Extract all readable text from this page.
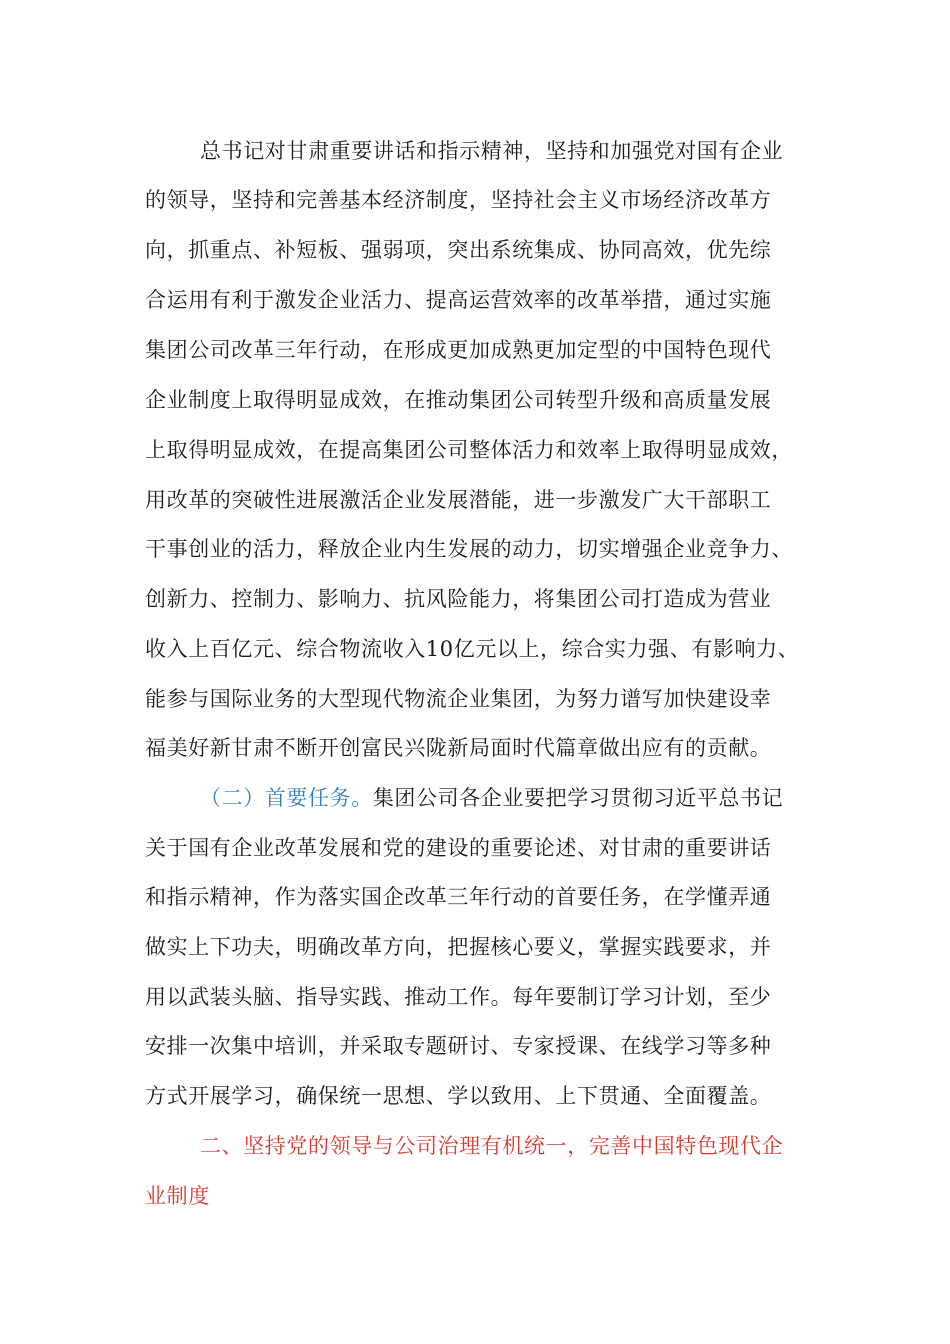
总书记对甘肃重要讲话和指示精神，坚持和加强党对国有企业
的领导，坚持和完善基本经济制度，坚持社会主义市场经济改革方
向，抓重点、补短板、强弱项，突出系统集成、协同高效，优先综
合运用有利于激发企业活力、提高运营效率的改革举措，通过实施
集团公司改革三年行动，在形成更加成熟更加定型的中国特色现代
企业制度上取得明显成效，在推动集团公司转型升级和高质量发展
上取得明显成效，在提高集团公司整体活力和效率上取得明显成效，
用改革的突破性进展激活企业发展潜能，进一步激发广大干部职工
干事创业的活力，释放企业内生发展的动力，切实增强企业竞争力、
创新力、控制力、影响力、抗风险能力，将集团公司打造成为营业
收入上百亿元、综合物流收入10亿元以上，综合实力强、有影响力、
能参与国际业务的大型现代物流企业集团，为努力谱写加快建设幸
福美好新甘肃不断开创富民兴陇新局面时代篇章做出应有的贡献。
（二）首要任务。集团公司各企业要把学习贯彻习近平总书记
关于国有企业改革发展和党的建设的重要论述、对甘肃的重要讲话
和指示精神，作为落实国企改革三年行动的首要任务，在学懂弄通
做实上下功夫，明确改革方向，把握核心要义，掌握实践要求，并
用以武装头脑、指导实践、推动工作。每年要制订学习计划，至少
安排一次集中培训，并采取专题研讨、专家授课、在线学习等多种
方式开展学习，确保统一思想、学以致用、上下贯通、全面覆盖。
二、坚持党的领导与公司治理有机统一，完善中国特色现代企
业制度
